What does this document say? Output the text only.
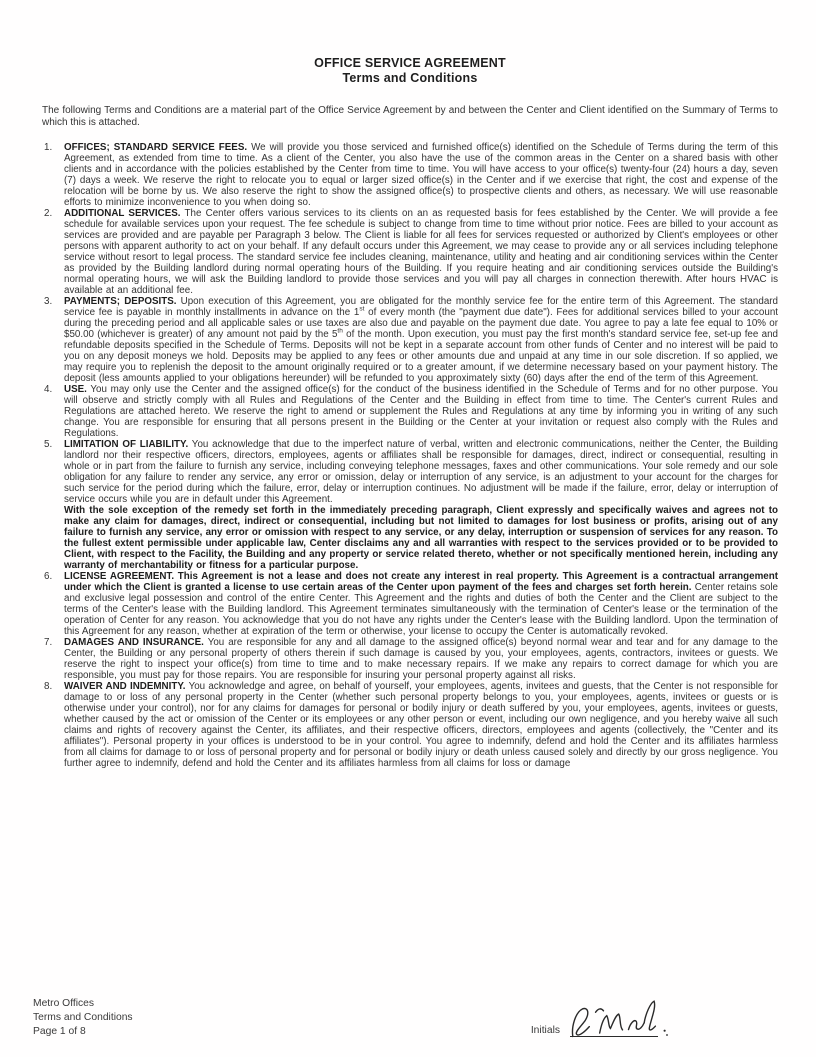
OFFICE SERVICE AGREEMENT
Terms and Conditions

The following Terms and Conditions are a material part of the Office Service Agreement by and between the Center and Client identified on the Summary of Terms to which this is attached.

1.	OFFICES; STANDARD SERVICE FEES. We will provide you those serviced and furnished office(s) identified on the Schedule of Terms during the term of this Agreement, as extended from time to time. As a client of the Center, you also have the use of the common areas in the Center on a shared basis with other clients and in accordance with the policies established by the Center from time to time. You will have access to your office(s) twenty-four (24) hours a day, seven (7) days a week. We reserve the right to relocate you to equal or larger sized office(s) in the Center and if we exercise that right, the cost and expense of the relocation will be borne by us. We also reserve the right to show the assigned office(s) to prospective clients and others, as necessary. We will use reasonable efforts to minimize inconvenience to you when doing so.

2.	ADDITIONAL SERVICES. The Center offers various services to its clients on an as requested basis for fees established by the Center. We will provide a fee schedule for available services upon your request. The fee schedule is subject to change from time to time without prior notice. Fees are billed to your account as services are provided and are payable per Paragraph 3 below. The Client is liable for all fees for services requested or authorized by Client's employees or other persons with apparent authority to act on your behalf. If any default occurs under this Agreement, we may cease to provide any or all services including telephone service without resort to legal process. The standard service fee includes cleaning, maintenance, utility and heating and air conditioning services within the Center as provided by the Building landlord during normal operating hours of the Building. If you require heating and air conditioning services outside the Building's normal operating hours, we will ask the Building landlord to provide those services and you will pay all charges in connection therewith. After hours HVAC is available at an additional fee.

3.	PAYMENTS; DEPOSITS. Upon execution of this Agreement, you are obligated for the monthly service fee for the entire term of this Agreement. The standard service fee is payable in monthly installments in advance on the 1st of every month (the "payment due date"). Fees for additional services billed to your account during the preceding period and all applicable sales or use taxes are also due and payable on the payment due date. You agree to pay a late fee equal to 10% or $50.00 (whichever is greater) of any amount not paid by the 5th of the month. Upon execution, you must pay the first month's standard service fee, set-up fee and refundable deposits specified in the Schedule of Terms. Deposits will not be kept in a separate account from other funds of Center and no interest will be paid to you on any deposit moneys we hold. Deposits may be applied to any fees or other amounts due and unpaid at any time in our sole discretion. If so applied, we may require you to replenish the deposit to the amount originally required or to a greater amount, if we determine necessary based on your payment history. The deposit (less amounts applied to your obligations hereunder) will be refunded to you approximately sixty (60) days after the end of the term of this Agreement.

4.	USE. You may only use the Center and the assigned office(s) for the conduct of the business identified in the Schedule of Terms and for no other purpose. You will observe and strictly comply with all Rules and Regulations of the Center and the Building in effect from time to time. The Center's current Rules and Regulations are attached hereto. We reserve the right to amend or supplement the Rules and Regulations at any time by informing you in writing of any such change. You are responsible for ensuring that all persons present in the Building or the Center at your invitation or request also comply with the Rules and Regulations.

5.	LIMITATION OF LIABILITY. You acknowledge that due to the imperfect nature of verbal, written and electronic communications, neither the Center, the Building landlord nor their respective officers, directors, employees, agents or affiliates shall be responsible for damages, direct, indirect or consequential, resulting in whole or in part from the failure to furnish any service, including conveying telephone messages, faxes and other communications. Your sole remedy and our sole obligation for any failure to render any service, any error or omission, delay or interruption of any service, is an adjustment to your account for the charges for such service for the period during which the failure, error, delay or interruption continues. No adjustment will be made if the failure, error, delay or interruption of service occurs while you are in default under this Agreement.

With the sole exception of the remedy set forth in the immediately preceding paragraph, Client expressly and specifically waives and agrees not to make any claim for damages, direct, indirect or consequential, including but not limited to damages for lost business or profits, arising out of any failure to furnish any service, any error or omission with respect to any service, or any delay, interruption or suspension of services for any reason. To the fullest extent permissible under applicable law, Center disclaims any and all warranties with respect to the services provided or to be provided to Client, with respect to the Facility, the Building and any property or service related thereto, whether or not specifically mentioned herein, including any warranty of merchantability or fitness for a particular purpose.

6.	LICENSE AGREEMENT. This Agreement is not a lease and does not create any interest in real property. This Agreement is a contractual arrangement under which the Client is granted a license to use certain areas of the Center upon payment of the fees and charges set forth herein. Center retains sole and exclusive legal possession and control of the entire Center. This Agreement and the rights and duties of both the Center and the Client are subject to the terms of the Center's lease with the Building landlord. This Agreement terminates simultaneously with the termination of Center's lease or the termination of the operation of Center for any reason. You acknowledge that you do not have any rights under the Center's lease with the Building landlord. Upon the termination of this Agreement for any reason, whether at expiration of the term or otherwise, your license to occupy the Center is automatically revoked.

7.	DAMAGES AND INSURANCE. You are responsible for any and all damage to the assigned office(s) beyond normal wear and tear and for any damage to the Center, the Building or any personal property of others therein if such damage is caused by you, your employees, agents, contractors, invitees or guests. We reserve the right to inspect your office(s) from time to time and to make necessary repairs. If we make any repairs to correct damage for which you are responsible, you must pay for those repairs. You are responsible for insuring your personal property against all risks.

8.	WAIVER AND INDEMNITY. You acknowledge and agree, on behalf of yourself, your employees, agents, invitees and guests, that the Center is not responsible for damage to or loss of any personal property in the Center (whether such personal property belongs to you, your employees, agents, invitees or guests or is otherwise under your control), nor for any claims for damages for personal or bodily injury or death suffered by you, your employees, agents, invitees or guests, whether caused by the act or omission of the Center or its employees or any other person or event, including our own negligence, and you hereby waive all such claims and rights of recovery against the Center, its affiliates, and their respective officers, directors, employees and agents (collectively, the "Center and its affiliates"). Personal property in your offices is understood to be in your control. You agree to indemnify, defend and hold the Center and its affiliates harmless from all claims for damage to or loss of personal property and for personal or bodily injury or death unless caused solely and directly by our gross negligence. You further agree to indemnify, defend and hold the Center and its affiliates harmless from all claims for loss or damage

Metro Offices
Terms and Conditions
Page 1 of 8	Initials
